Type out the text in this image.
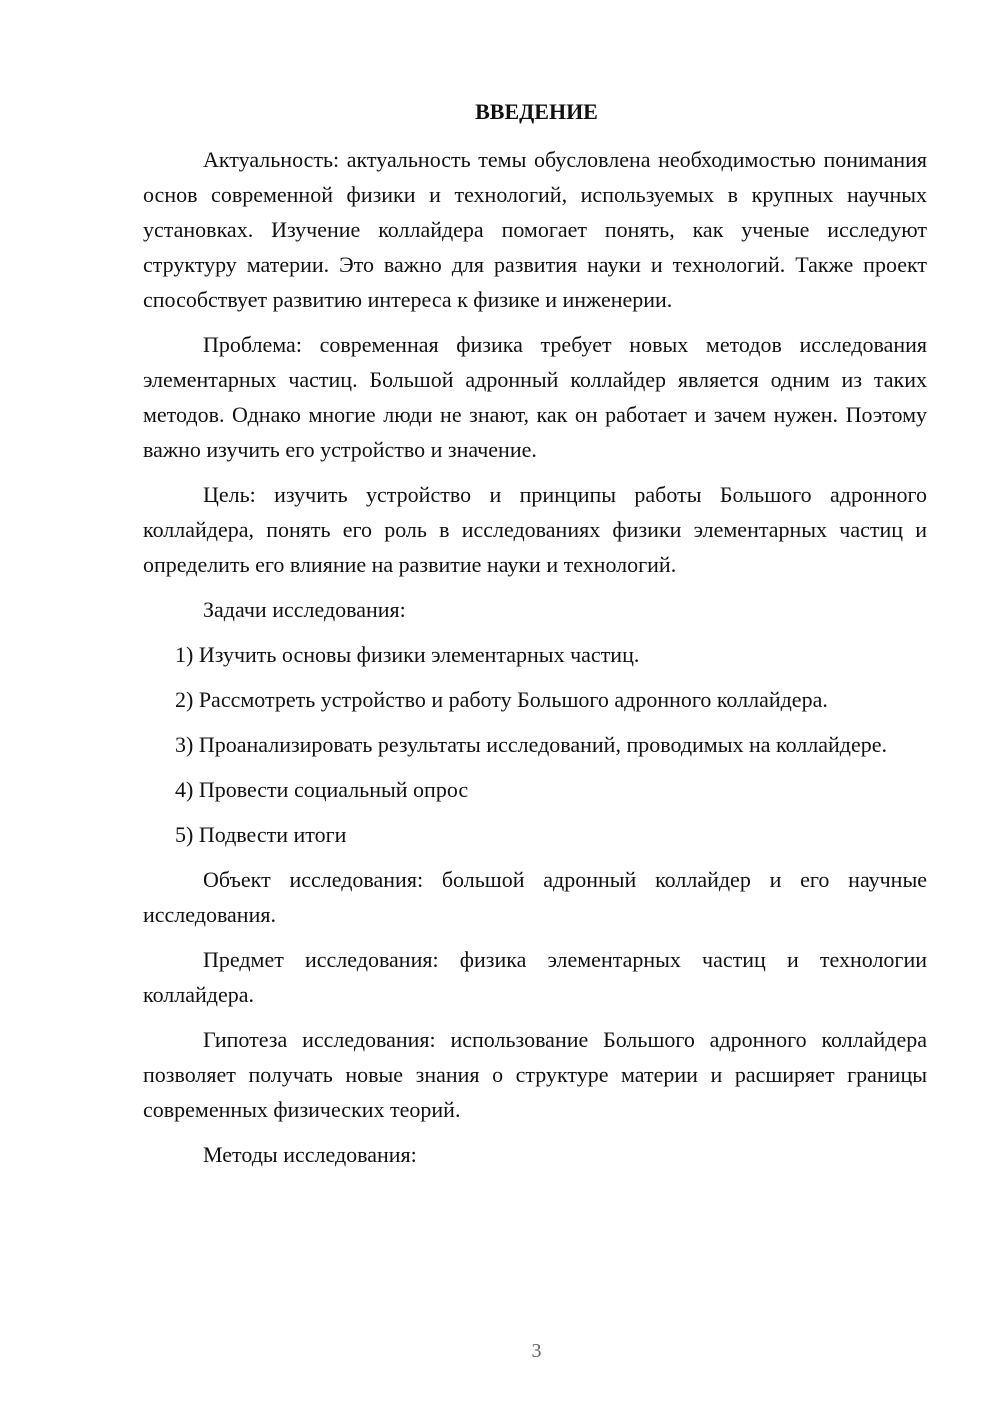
ВВЕДЕНИЕ

Актуальность: актуальность темы обусловлена необходимостью понимания основ современной физики и технологий, используемых в крупных научных установках. Изучение коллайдера помогает понять, как ученые исследуют структуру материи. Это важно для развития науки и технологий. Также проект способствует развитию интереса к физике и инженерии.

Проблема: современная физика требует новых методов исследования элементарных частиц. Большой адронный коллайдер является одним из таких методов. Однако многие люди не знают, как он работает и зачем нужен. Поэтому важно изучить его устройство и значение.

Цель: изучить устройство и принципы работы Большого адронного коллайдера, понять его роль в исследованиях физики элементарных частиц и определить его влияние на развитие науки и технологий.

Задачи исследования:

1) Изучить основы физики элементарных частиц.

2) Рассмотреть устройство и работу Большого адронного коллайдера.

3) Проанализировать результаты исследований, проводимых на коллайдере.

4) Провести социальный опрос

5) Подвести итоги

Объект исследования: большой адронный коллайдер и его научные исследования.

Предмет исследования: физика элементарных частиц и технологии коллайдера.

Гипотеза исследования: использование Большого адронного коллайдера позволяет получать новые знания о структуре материи и расширяет границы современных физических теорий.

Методы исследования:

3
